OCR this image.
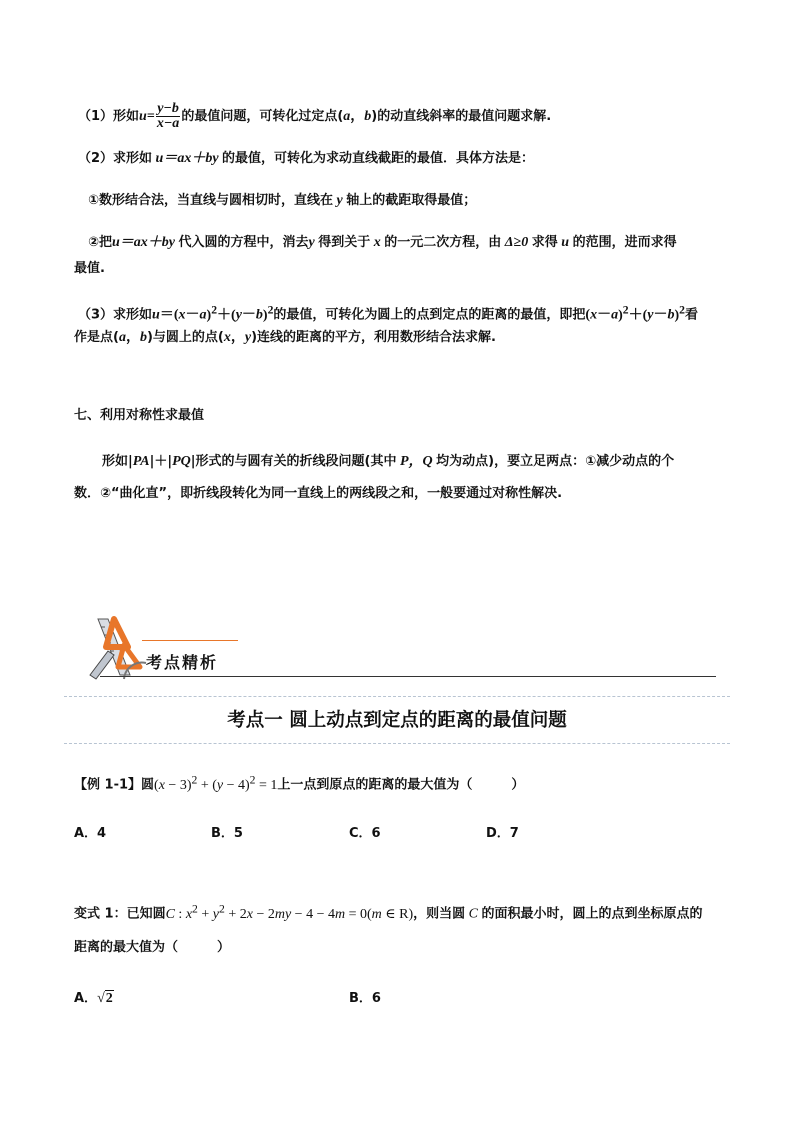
（1）形如$u= \frac{y-b}{x-a}$ 的最值问题，可转化过定点(a，b)的动直线斜率的最值问题求解.
（2）求形如 u＝ax＋by 的最值，可转化为求动直线截距的最值．具体方法是：
①数形结合法，当直线与圆相切时，直线在 y 轴上的截距取得最值；
②把u＝ax＋by 代入圆的方程中，消去y 得到关于 x 的一元二次方程，由 Δ≥0 求得 u 的范围，进而求得
最值.
（3）求形如$u=(x-a)^2+(y-b)^2$的最值，可转化为圆上的点到定点的距离的最值，即把$(x-a)^2+(y-b)^2$看
作是点(a，b)与圆上的点(x，y)连线的距离的平方，利用数形结合法求解.
七、利用对称性求最值
形如|PA|＋|PQ|形式的与圆有关的折线段问题(其中 P，Q 均为动点)，要立足两点：①减少动点的个
数．②“曲化直”，即折线段转化为同一直线上的两线段之和，一般要通过对称性解决.
考点精析
考点一 圆上动点到定点的距离的最值问题
【例 1-1】圆$(x - 3)^2 + (y - 4)^2 = 1$上一点到原点的距离的最大值为（　　　）
A．4	B．5	C．6	D．7
变式 1：已知圆C : $x^2 + y^2 + 2x - 2my - 4 - 4m = 0(m$ ∈ R)，则当圆 C 的面积最小时，圆上的点到坐标原点的
距离的最大值为（　　　）
A．√2	B．6
